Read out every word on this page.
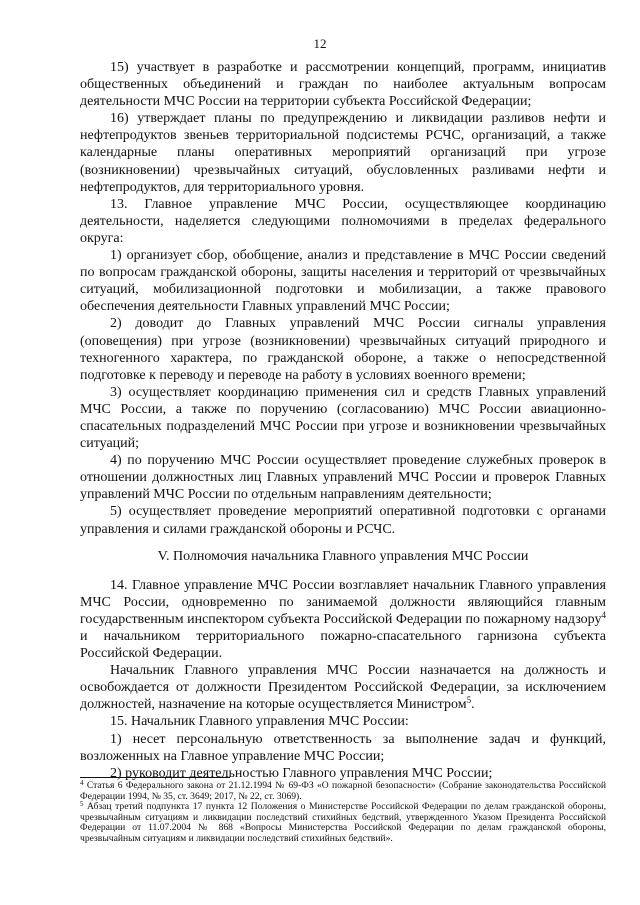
12

15) участвует в разработке и рассмотрении концепций, программ, инициатив общественных объединений и граждан по наиболее актуальным вопросам деятельности МЧС России на территории субъекта Российской Федерации;

16) утверждает планы по предупреждению и ликвидации разливов нефти и нефтепродуктов звеньев территориальной подсистемы РСЧС, организаций, а также календарные планы оперативных мероприятий организаций при угрозе (возникновении) чрезвычайных ситуаций, обусловленных разливами нефти и нефтепродуктов, для территориального уровня.

13. Главное управление МЧС России, осуществляющее координацию деятельности, наделяется следующими полномочиями в пределах федерального округа:

1) организует сбор, обобщение, анализ и представление в МЧС России сведений по вопросам гражданской обороны, защиты населения и территорий от чрезвычайных ситуаций, мобилизационной подготовки и мобилизации, а также правового обеспечения деятельности Главных управлений МЧС России;

2) доводит до Главных управлений МЧС России сигналы управления (оповещения) при угрозе (возникновении) чрезвычайных ситуаций природного и техногенного характера, по гражданской обороне, а также о непосредственной подготовке к переводу и переводе на работу в условиях военного времени;

3) осуществляет координацию применения сил и средств Главных управлений МЧС России, а также по поручению (согласованию) МЧС России авиационно-спасательных подразделений МЧС России при угрозе и возникновении чрезвычайных ситуаций;

4) по поручению МЧС России осуществляет проведение служебных проверок в отношении должностных лиц Главных управлений МЧС России и проверок Главных управлений МЧС России по отдельным направлениям деятельности;

5) осуществляет проведение мероприятий оперативной подготовки с органами управления и силами гражданской обороны и РСЧС.

V. Полномочия начальника Главного управления МЧС России

14. Главное управление МЧС России возглавляет начальник Главного управления МЧС России, одновременно по занимаемой должности являющийся главным государственным инспектором субъекта Российской Федерации по пожарному надзору$^4$ и начальником территориального пожарно-спасательного гарнизона субъекта Российской Федерации.

Начальник Главного управления МЧС России назначается на должность и освобождается от должности Президентом Российской Федерации, за исключением должностей, назначение на которые осуществляется Министром$^5$.

15. Начальник Главного управления МЧС России:

1) несет персональную ответственность за выполнение задач и функций, возложенных на Главное управление МЧС России;

2) руководит деятельностью Главного управления МЧС России;

$^4$ Статья 6 Федерального закона от 21.12.1994 № 69-ФЗ «О пожарной безопасности» (Собрание законодательства Российской Федерации 1994, № 35, ст. 3649; 2017, № 22, ст. 3069).

$^5$ Абзац третий подпункта 17 пункта 12 Положения о Министерстве Российской Федерации по делам гражданской обороны, чрезвычайным ситуациям и ликвидации последствий стихийных бедствий, утвержденного Указом Президента Российской Федерации от 11.07.2004 № 868 «Вопросы Министерства Российской Федерации по делам гражданской обороны, чрезвычайным ситуациям и ликвидации последствий стихийных бедствий».
